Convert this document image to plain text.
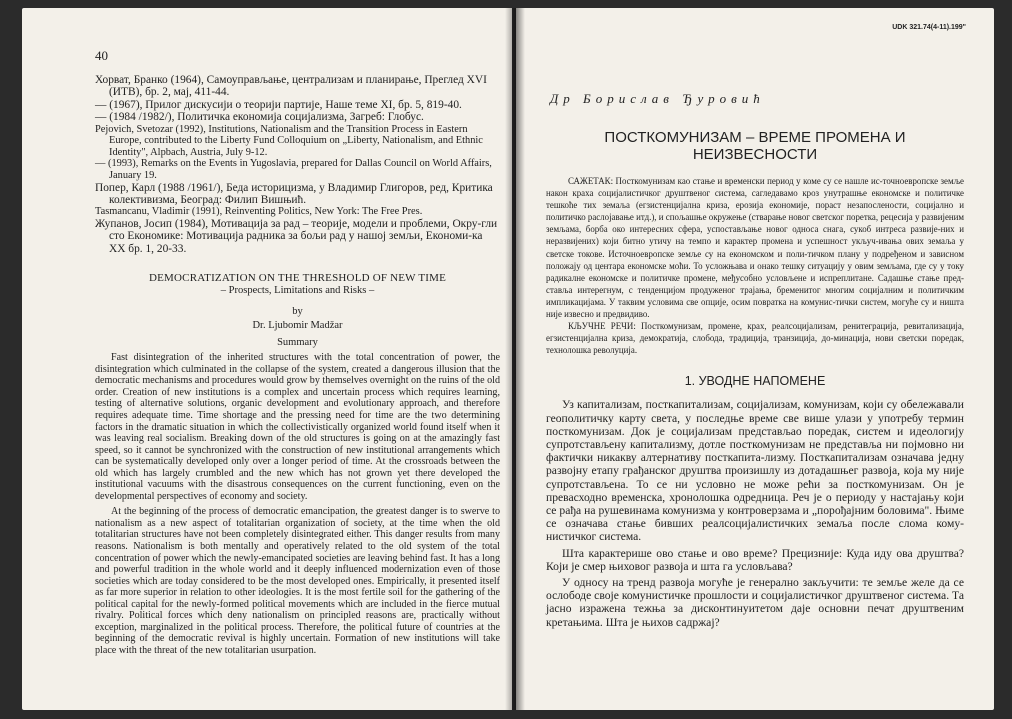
40

Хорват, Бранко (1964), Самоуправљање, централизам и планирање, Преглед XVI (ИТВ), бр. 2, мај, 411-44.

— (1967), Прилог дискусији о теорији партије, Наше теме XI, бр. 5, 819-40.

— (1984 /1982/), Политичка економија социјализма, Загреб: Глобус.

Pejovich, Svetozar (1992), Institutions, Nationalism and the Transition Process in Eastern Europe, contributed to the Liberty Fund Colloquium on „Liberty, Nationalism, and Ethnic Identity", Alpbach, Austria, July 9-12.

— (1993), Remarks on the Events in Yugoslavia, prepared for Dallas Council on World Affairs, January 19.

Попер, Карл (1988 /1961/), Беда историцизма, у Владимир Глигоров, ред, Критика колективизма, Београд: Филип Вишњић.

Tasmancanu, Vladimir (1991), Reinventing Politics, New York: The Free Pres.

Жупанов, Јосип (1984), Мотивација за рад – теорије, модели и проблеми, Окру-гли сто Економике: Мотивација радника за бољи рад у нашој земљи, Економи-ка XX бр. 1, 20-33.

DEMOCRATIZATION ON THE THRESHOLD OF NEW TIME
– Prospects, Limitations and Risks –
by
Dr. Ljubomir Madžar
Summary

Fast disintegration of the inherited structures with the total concentration of power, the disintegration which culminated in the collapse of the system, created a dangerous illusion that the democratic mechanisms and procedures would grow by themselves overnight on the ruins of the old order. Creation of new institutions is a complex and uncertain process which requires learning, testing of alternative solutions, organic development and evolutionary approach, and therefore requires adequate time. Time shortage and the pressing need for time are the two determining factors in the dramatic situation in which the collectivistically organized world found itself when it was leaving real socialism. Breaking down of the old structures is going on at the amazingly fast speed, so it cannot be synchronized with the construction of new institutional arrangements which can be systematically developed only over a longer period of time. At the crossroads between the old which has largely crumbled and the new which has not grown yet there developed the institutional vacuums with the disastrous consequences on the current functioning, even on the developmental perspectives of economy and society.

At the beginning of the process of democratic emancipation, the greatest danger is to swerve to nationalism as a new aspect of totalitarian organization of society, at the time when the old totalitarian structures have not been completely disintegrated either. This danger results from many reasons. Nationalism is both mentally and operatively related to the old system of the total concentration of power which the newly-emancipated societies are leaving behind fast. It has a long and powerful tradition in the whole world and it deeply influenced modernization even of those societies which are today considered to be the most developed ones. Empirically, it presented itself as far more superior in relation to other ideologies. It is the most fertile soil for the gathering of the political capital for the newly-formed political movements which are included in the fierce mutual rivalry. Political forces which deny nationalism on principled reasons are, practically without exception, marginalized in the political process. Therefore, the political future of countries at the beginning of the democratic revival is highly uncertain. Formation of new institutions will take place with the threat of the new totalitarian usurpation.

UDK 321.74(4-11).199"
Др Борислав Ђуровић
ПОСТКОМУНИЗАМ – ВРЕМЕ ПРОМЕНА И
НЕИЗВЕСНОСТИ

САЖЕТАК: Посткомунизам као стање и временски период у коме су се нашле ис-точноевропске земље након краха социјалистичког друштвеног система, сагледавамо кроз унутрашње економске и политичке тешкоће тих земаља (егзистенцијална криза, ерозија економије, пораст незапослености, социјално и политичко раслојавање итд.), и спољашње окружење (стварање новог светског поретка, рецесија у развијеним земљама, борба око интересних сфера, успостављање новог односа снага, сукоб интреса развије-них и неразвијених) који битно утичу на темпо и карактер промена и успешност укључ-ивања ових земаља у светске токове. Источноевропске земље су на економском и поли-тичком плану у подређеном и зависном положају од центара економске моћи. То усложњава и онако тешку ситуацију у овим земљама, где су у току радикалне економске и политичке промене, међусобно условљене и испреплитане. Садашње стање пред-ставља интерегнум, с тенденцијом продуженог трајања, бременитог многим социјалним и политичким импликацијама. У таквим условима све опције, осим повратка на комунис-тички систем, могуће су и ништа није извесно и предвидиво.

КЉУЧНЕ РЕЧИ: Посткомунизам, промене, крах, реалсоцијализам, ренитеграција, ревитализација, егзистенцијална криза, демократија, слобода, традиција, транзиција, до-минација, нови светски поредак, технолошка револуција.

1. УВОДНЕ НАПОМЕНЕ

Уз капитализам, посткапитализам, социјализам, комунизам, који су обележавали геополитичку карту света, у последње време све више улази у употребу термин посткомунизам. Док је социјализам представљао поредак, систем и идеологију супротстављену капитализму, дотле посткомунизам не представља ни појмовно ни фактички никакву алтернативу посткапита-лизму. Посткапитализам означава једну развојну етапу грађанског друштва произишлу из дотадашњег развоја, која му није супротстављена. То се ни условно не може рећи за посткомунизам. Он је превасходно временска, хронолошка одредница. Реч је о периоду у настајању који се рађа на рушевинама комунизма у контроверзама и „порођајним боловима". Њиме се означава стање бивших реалсоцијалистичких земаља после слома кому-нистичког система.

Шта карактерише ово стање и ово време? Прецизније: Куда иду ова друштва? Који је смер њиховог развоја и шта га условљава?

У односу на тренд развоја могуће је генерално закључити: те земље желе да се ослободе своје комунистичке прошлости и социјалистичког друштвеног система. Та јасно изражена тежња за дисконтинуитетом даје основни печат друштвеним кретањима. Шта је њихов садржај?
